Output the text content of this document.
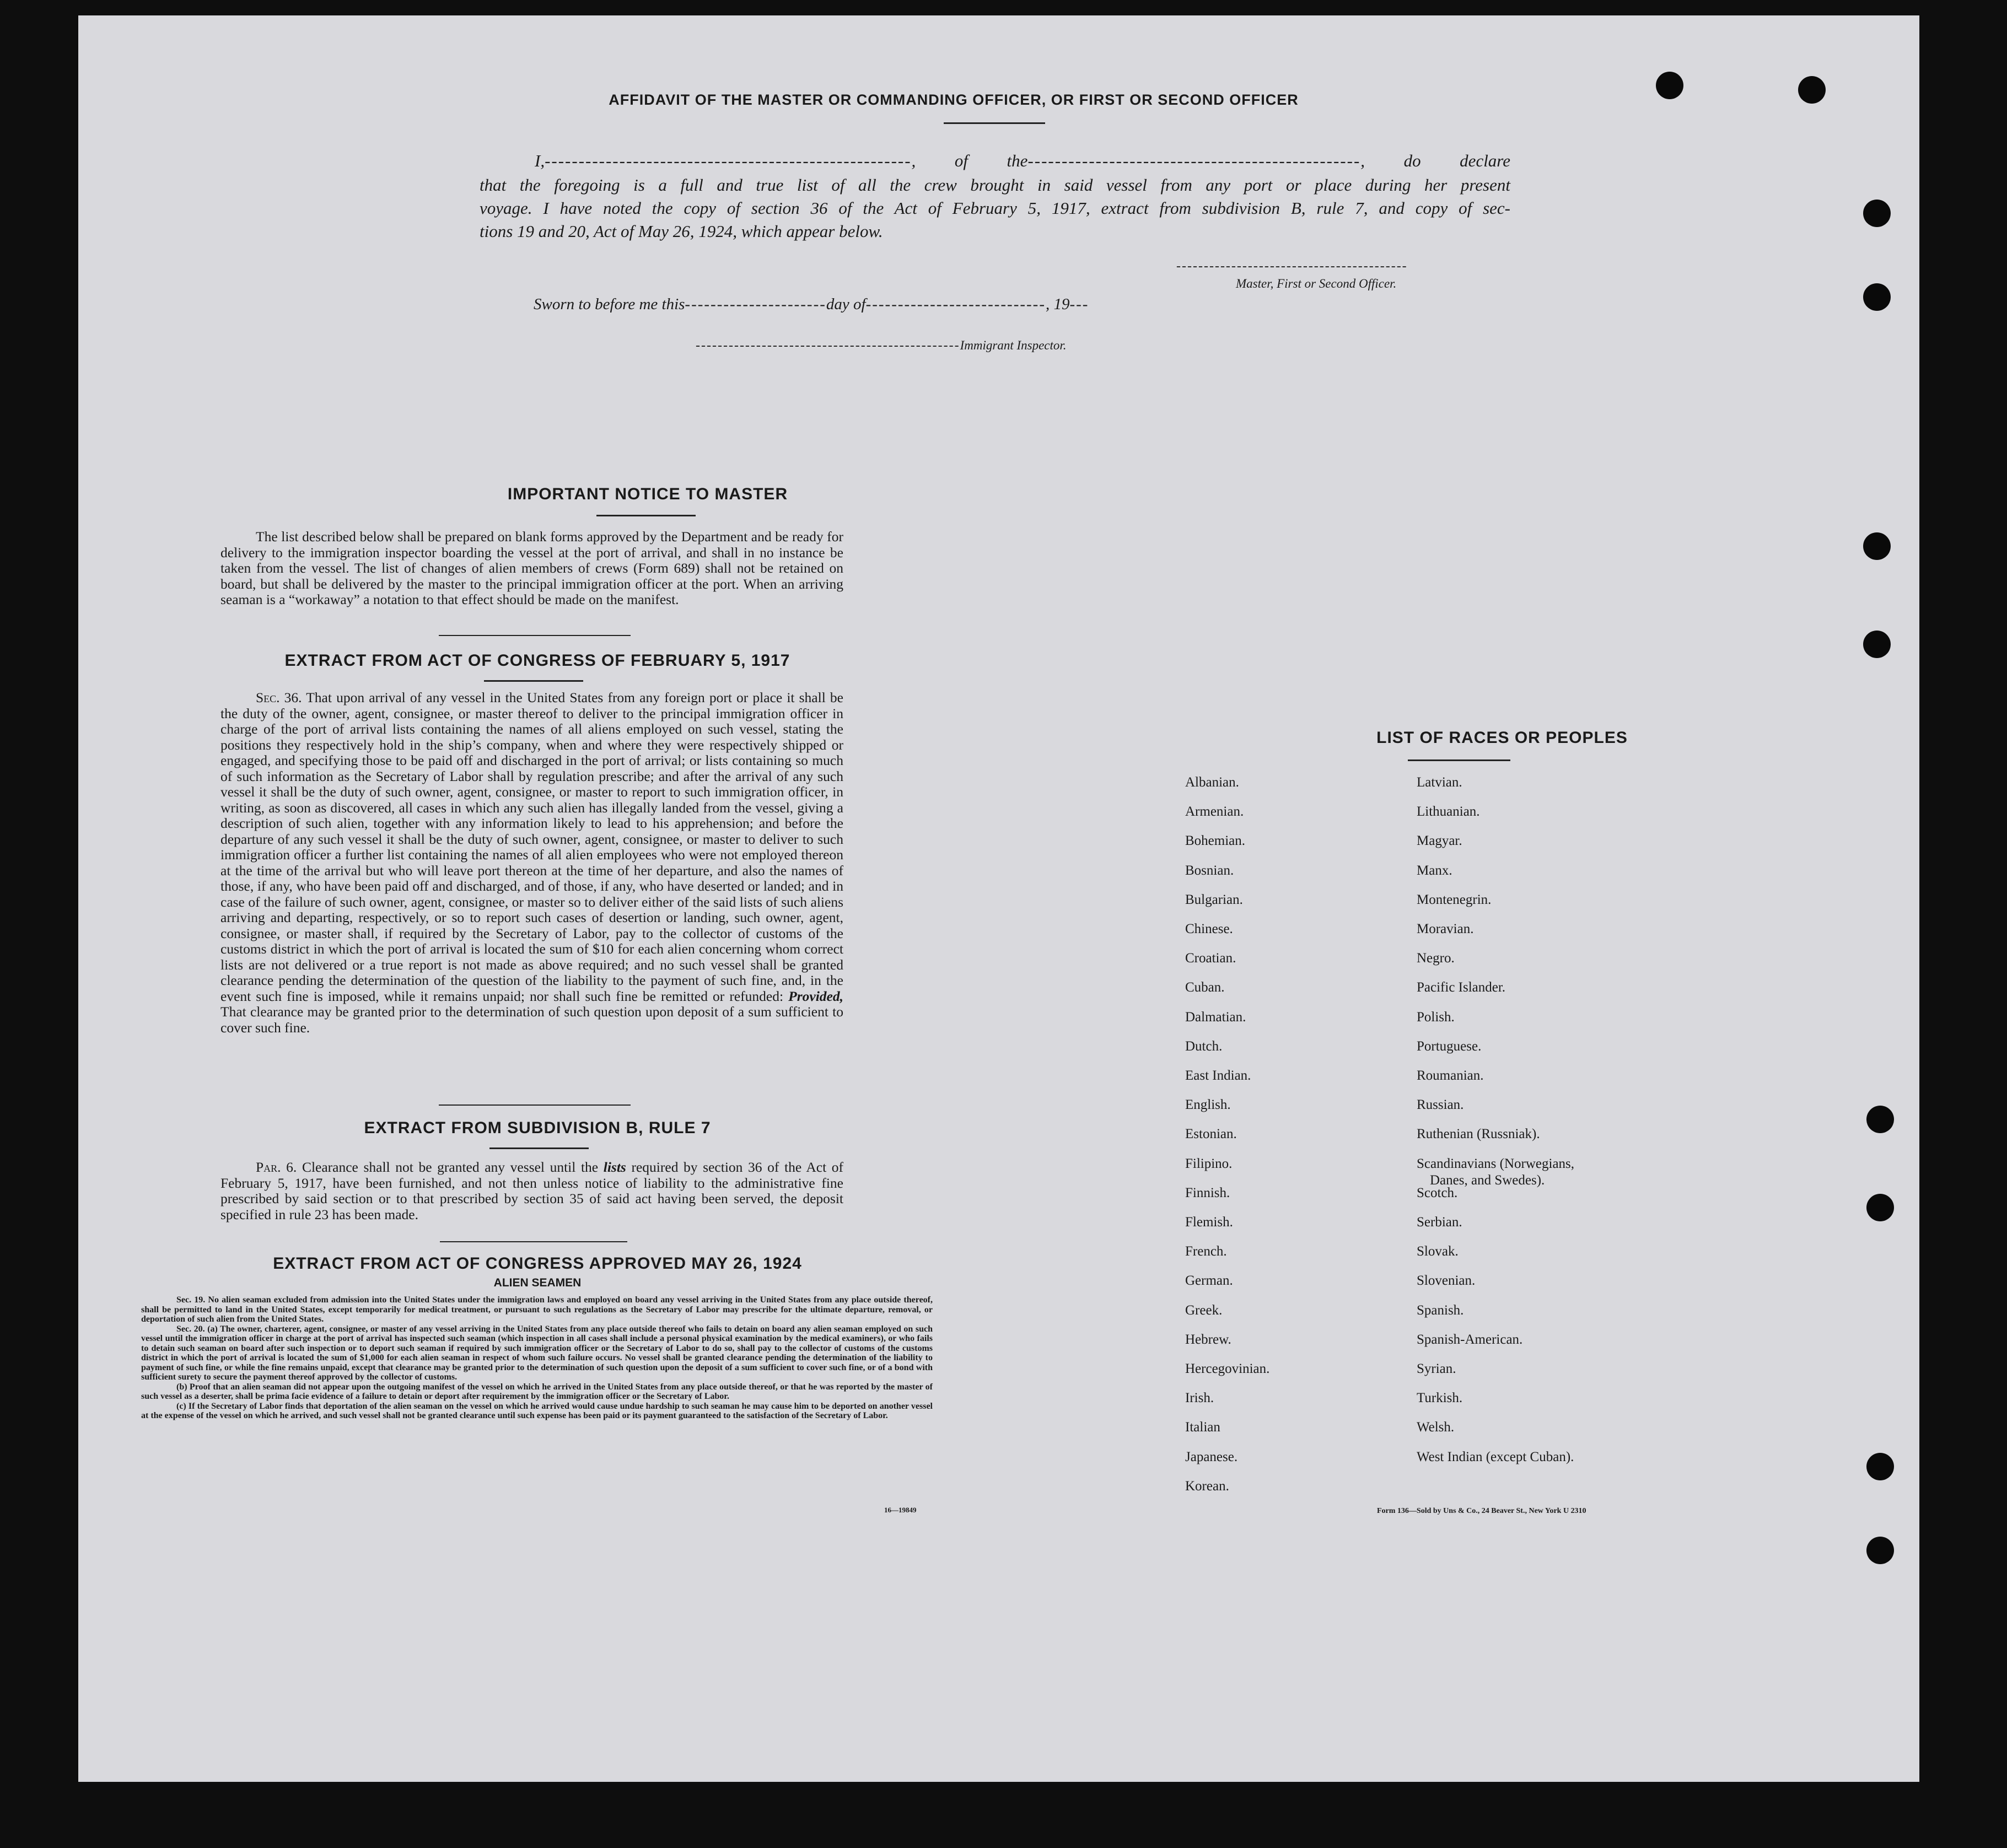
AFFIDAVIT OF THE MASTER OR COMMANDING OFFICER, OR FIRST OR SECOND OFFICER
I,------------------------------------------------------, of the-------------------------------------------------, do declare
that the foregoing is a full and true list of all the crew brought in said vessel from any port or place during her present
voyage. I have noted the copy of section 36 of the Act of February 5, 1917, extract from subdivision B, rule 7, and copy of sec-
tions 19 and 20, Act of May 26, 1924, which appear below.
------------------------------------------
Master, First or Second Officer.
Sworn to before me this----------------------day of----------------------------, 19---
------------------------------------------------Immigrant Inspector.
IMPORTANT NOTICE TO MASTER
The list described below shall be prepared on blank forms approved by the Department and be ready for delivery to the immigration inspector boarding the vessel at the port of arrival, and shall in no instance be taken from the vessel. The list of changes of alien members of crews (Form 689) shall not be retained on board, but shall be delivered by the master to the principal immigration officer at the port. When an arriving seaman is a “workaway” a notation to that effect should be made on the manifest.
EXTRACT FROM ACT OF CONGRESS OF FEBRUARY 5, 1917
Sec. 36. That upon arrival of any vessel in the United States from any foreign port or place it shall be the duty of the owner, agent, consignee, or master thereof to deliver to the principal immigration officer in charge of the port of arrival lists containing the names of all aliens employed on such vessel, stating the positions they respectively hold in the ship’s company, when and where they were respectively shipped or engaged, and specifying those to be paid off and discharged in the port of arrival; or lists containing so much of such information as the Secretary of Labor shall by regulation prescribe; and after the arrival of any such vessel it shall be the duty of such owner, agent, consignee, or master to report to such immigration officer, in writing, as soon as discovered, all cases in which any such alien has illegally landed from the vessel, giving a description of such alien, together with any information likely to lead to his apprehension; and before the departure of any such vessel it shall be the duty of such owner, agent, consignee, or master to deliver to such immigration officer a further list containing the names of all alien employees who were not employed thereon at the time of the arrival but who will leave port thereon at the time of her departure, and also the names of those, if any, who have been paid off and discharged, and of those, if any, who have deserted or landed; and in case of the failure of such owner, agent, consignee, or master so to deliver either of the said lists of such aliens arriving and departing, respectively, or so to report such cases of desertion or landing, such owner, agent, consignee, or master shall, if required by the Secretary of Labor, pay to the collector of customs of the customs district in which the port of arrival is located the sum of $10 for each alien concerning whom correct lists are not delivered or a true report is not made as above required; and no such vessel shall be granted clearance pending the determination of the question of the liability to the payment of such fine, and, in the event such fine is imposed, while it remains unpaid; nor shall such fine be remitted or refunded: Provided, That clearance may be granted prior to the determination of such question upon deposit of a sum sufficient to cover such fine.
EXTRACT FROM SUBDIVISION B, RULE 7
Par. 6. Clearance shall not be granted any vessel until the lists required by section 36 of the Act of February 5, 1917, have been furnished, and not then unless notice of liability to the administrative fine prescribed by said section or to that prescribed by section 35 of said act having been served, the deposit specified in rule 23 has been made.
EXTRACT FROM ACT OF CONGRESS APPROVED MAY 26, 1924
ALIEN SEAMEN
Sec. 19. No alien seaman excluded from admission into the United States under the immigration laws and employed on board any vessel arriving in the United States from any place outside thereof, shall be permitted to land in the United States, except temporarily for medical treatment, or pursuant to such regulations as the Secretary of Labor may prescribe for the ultimate departure, removal, or deportation of such alien from the United States.
Sec. 20. (a) The owner, charterer, agent, consignee, or master of any vessel arriving in the United States from any place outside thereof who fails to detain on board any alien seaman employed on such vessel until the immigration officer in charge at the port of arrival has inspected such seaman (which inspection in all cases shall include a personal physical examination by the medical examiners), or who fails to detain such seaman on board after such inspection or to deport such seaman if required by such immigration officer or the Secretary of Labor to do so, shall pay to the collector of customs of the customs district in which the port of arrival is located the sum of $1,000 for each alien seaman in respect of whom such failure occurs. No vessel shall be granted clearance pending the determination of the liability to payment of such fine, or while the fine remains unpaid, except that clearance may be granted prior to the determination of such question upon the deposit of a sum sufficient to cover such fine, or of a bond with sufficient surety to secure the payment thereof approved by the collector of customs.
(b) Proof that an alien seaman did not appear upon the outgoing manifest of the vessel on which he arrived in the United States from any place outside thereof, or that he was reported by the master of such vessel as a deserter, shall be prima facie evidence of a failure to detain or deport after requirement by the immigration officer or the Secretary of Labor.
(c) If the Secretary of Labor finds that deportation of the alien seaman on the vessel on which he arrived would cause undue hardship to such seaman he may cause him to be deported on another vessel at the expense of the vessel on which he arrived, and such vessel shall not be granted clearance until such expense has been paid or its payment guaranteed to the satisfaction of the Secretary of Labor.
16—19849
LIST OF RACES OR PEOPLES
Albanian.
Armenian.
Bohemian.
Bosnian.
Bulgarian.
Chinese.
Croatian.
Cuban.
Dalmatian.
Dutch.
East Indian.
English.
Estonian.
Filipino.
Finnish.
Flemish.
French.
German.
Greek.
Hebrew.
Hercegovinian.
Irish.
Italian
Japanese.
Korean.
Latvian.
Lithuanian.
Magyar.
Manx.
Montenegrin.
Moravian.
Negro.
Pacific Islander.
Polish.
Portuguese.
Roumanian.
Russian.
Ruthenian (Russniak).
Scandinavians (Norwegians,
Danes, and Swedes).
Scotch.
Serbian.
Slovak.
Slovenian.
Spanish.
Spanish-American.
Syrian.
Turkish.
Welsh.
West Indian (except Cuban).
Form 136—Sold by Uns & Co., 24 Beaver St., New York U 2310
